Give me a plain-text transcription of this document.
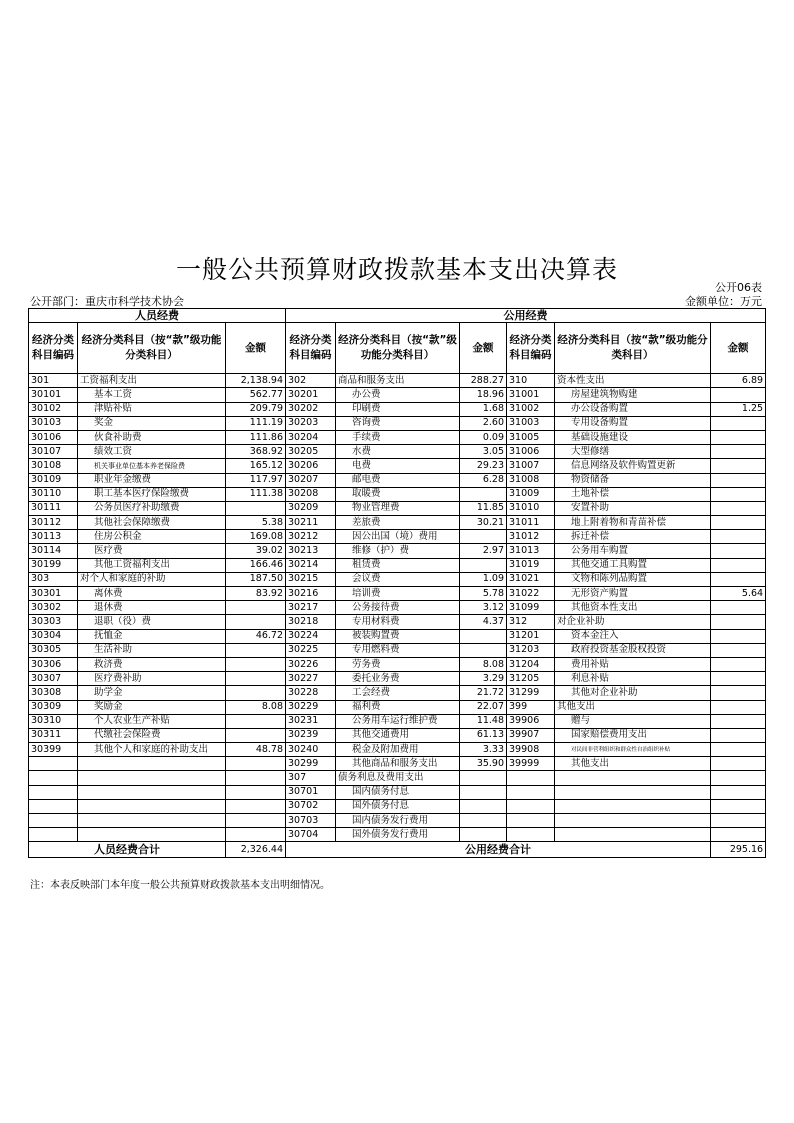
一般公共预算财政拨款基本支出决算表
公开06表
公开部门：重庆市科学技术协会	金额单位：万元
人员经费			公用经费					
经济分类科目编码	经济分类科目（按“款”级功能分类科目）	金额	经济分类科目编码	经济分类科目（按“款”级功能分类科目）	金额	经济分类科目编码	经济分类科目（按“款”级功能分类科目）	金额
301	工资福利支出	2,138.94	302	商品和服务支出	288.27	310	资本性支出	6.89
30101	基本工资	562.77	30201	办公费	18.96	31001	房屋建筑物购建	
30102	津贴补贴	209.79	30202	印刷费	1.68	31002	办公设备购置	1.25
30103	奖金	111.19	30203	咨询费	2.60	31003	专用设备购置	
30106	伙食补助费	111.86	30204	手续费	0.09	31005	基础设施建设	
30107	绩效工资	368.92	30205	水费	3.05	31006	大型修缮	
30108	机关事业单位基本养老保险费	165.12	30206	电费	29.23	31007	信息网络及软件购置更新	
30109	职业年金缴费	117.97	30207	邮电费	6.28	31008	物资储备	
30110	职工基本医疗保险缴费	111.38	30208	取暖费		31009	土地补偿	
30111	公务员医疗补助缴费		30209	物业管理费	11.85	31010	安置补助	
30112	其他社会保障缴费	5.38	30211	差旅费	30.21	31011	地上附着物和青苗补偿	
30113	住房公积金	169.08	30212	因公出国（境）费用		31012	拆迁补偿	
30114	医疗费	39.02	30213	维修（护）费	2.97	31013	公务用车购置	
30199	其他工资福利支出	166.46	30214	租赁费		31019	其他交通工具购置	
303	对个人和家庭的补助	187.50	30215	会议费	1.09	31021	文物和陈列品购置	
30301	离休费	83.92	30216	培训费	5.78	31022	无形资产购置	5.64
30302	退休费		30217	公务接待费	3.12	31099	其他资本性支出	
30303	退职（役）费		30218	专用材料费	4.37	312	对企业补助	
30304	抚恤金	46.72	30224	被装购置费		31201	资本金注入	
30305	生活补助		30225	专用燃料费		31203	政府投资基金股权投资	
30306	救济费		30226	劳务费	8.08	31204	费用补贴	
30307	医疗费补助		30227	委托业务费	3.29	31205	利息补贴	
30308	助学金		30228	工会经费	21.72	31299	其他对企业补助	
30309	奖励金	8.08	30229	福利费	22.07	399	其他支出	
30310	个人农业生产补贴		30231	公务用车运行维护费	11.48	39906	赠与	
30311	代缴社会保险费		30239	其他交通费用	61.13	39907	国家赔偿费用支出	
30399	其他个人和家庭的补助支出	48.78	30240	税金及附加费用	3.33	39908	对民间非营利组织和群众性自治组织补贴	
			30299	其他商品和服务支出	35.90	39999	其他支出	
			307	债务利息及费用支出				
			30701	国内债务付息				
			30702	国外债务付息				
			30703	国内债务发行费用				
			30704	国外债务发行费用				
人员经费合计		2,326.44	公用经费合计					295.16
注：本表反映部门本年度一般公共预算财政拨款基本支出明细情况。
